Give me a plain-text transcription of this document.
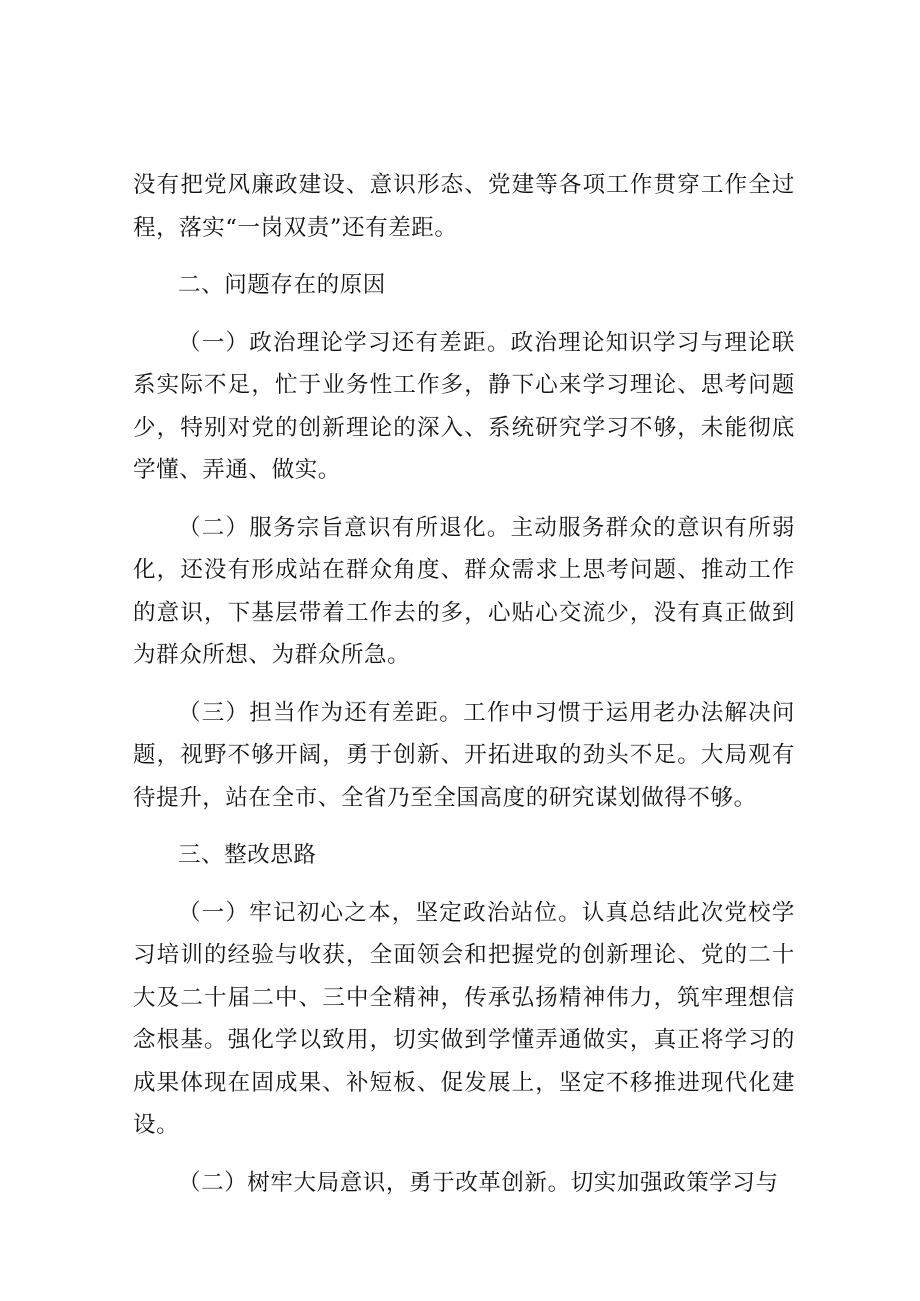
没有把党风廉政建设、意识形态、党建等各项工作贯穿工作全过程，落实“一岗双责”还有差距。

二、问题存在的原因

（一）政治理论学习还有差距。政治理论知识学习与理论联系实际不足，忙于业务性工作多，静下心来学习理论、思考问题少，特别对党的创新理论的深入、系统研究学习不够，未能彻底学懂、弄通、做实。

（二）服务宗旨意识有所退化。主动服务群众的意识有所弱化，还没有形成站在群众角度、群众需求上思考问题、推动工作的意识，下基层带着工作去的多，心贴心交流少，没有真正做到为群众所想、为群众所急。

（三）担当作为还有差距。工作中习惯于运用老办法解决问题，视野不够开阔，勇于创新、开拓进取的劲头不足。大局观有待提升，站在全市、全省乃至全国高度的研究谋划做得不够。

三、整改思路

（一）牢记初心之本，坚定政治站位。认真总结此次党校学习培训的经验与收获，全面领会和把握党的创新理论、党的二十大及二十届二中、三中全精神，传承弘扬精神伟力，筑牢理想信念根基。强化学以致用，切实做到学懂弄通做实，真正将学习的成果体现在固成果、补短板、促发展上，坚定不移推进现代化建设。

（二）树牢大局意识，勇于改革创新。切实加强政策学习与
